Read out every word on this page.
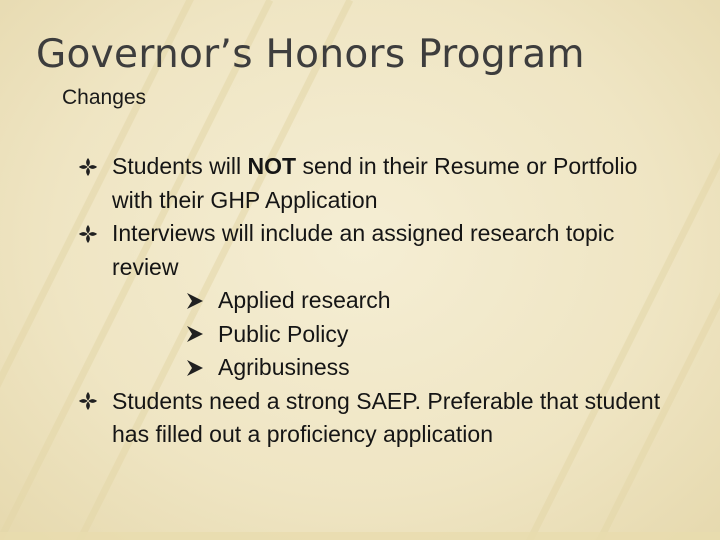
Governor’s Honors Program
Changes
Students will NOT send in their Resume or Portfolio with their GHP Application
Interviews will include an assigned research topic review
Applied research
Public Policy
Agribusiness
Students need a strong SAEP. Preferable that student has filled out a proficiency application
